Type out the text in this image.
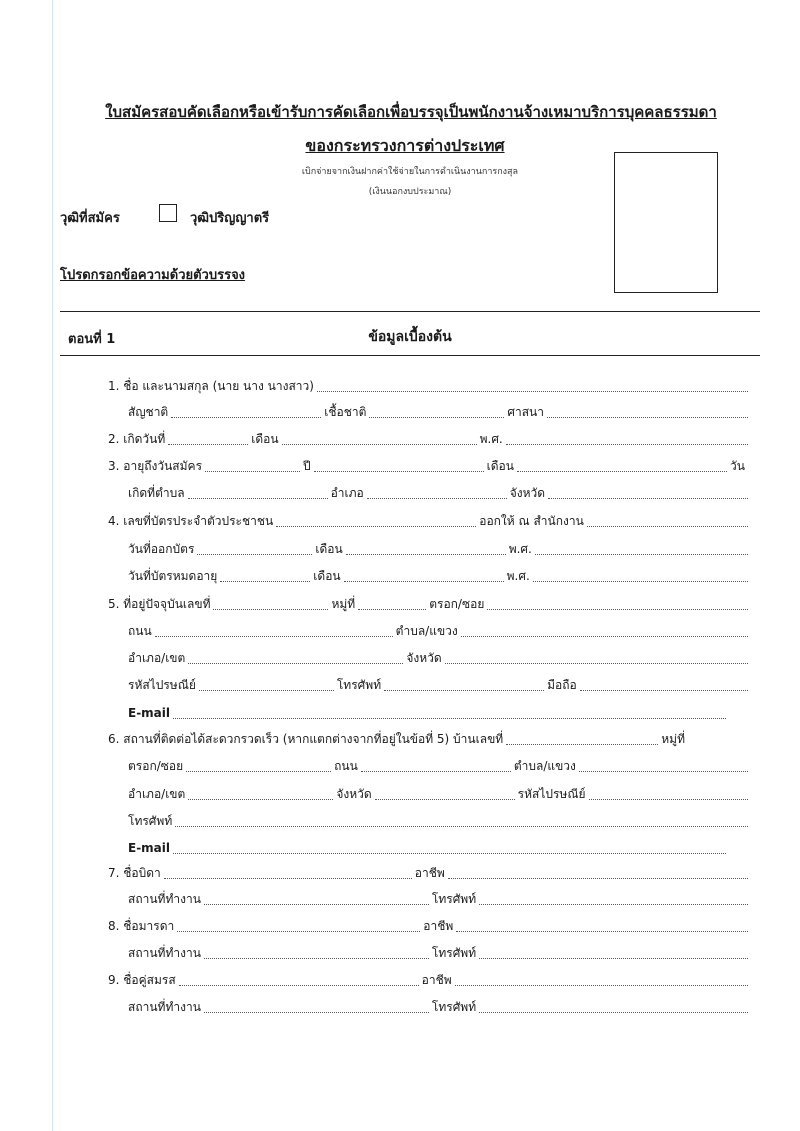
ใบสมัครสอบคัดเลือกหรือเข้ารับการคัดเลือกเพื่อบรรจุเป็นพนักงานจ้างเหมาบริการบุคคลธรรมดา
ของกระทรวงการต่างประเทศ
เบิกจ่ายจากเงินฝากค่าใช้จ่ายในการดำเนินงานการกงสุล
(เงินนอกงบประมาณ)
วุฒิที่สมัคร	วุฒิปริญญาตรี
โปรดกรอกข้อความด้วยตัวบรรจง
ตอนที่ 1	ข้อมูลเบื้องต้น
1. ชื่อ และนามสกุล (นาย นาง นางสาว)
สัญชาติ	เชื้อชาติ	ศาสนา
2. เกิดวันที่	เดือน	พ.ศ.
3. อายุถึงวันสมัคร	ปี	เดือน	วัน
เกิดที่ตำบล	อำเภอ	จังหวัด
4. เลขที่บัตรประจำตัวประชาชน	ออกให้ ณ สำนักงาน
วันที่ออกบัตร	เดือน	พ.ศ.
วันที่บัตรหมดอายุ	เดือน	พ.ศ.
5. ที่อยู่ปัจจุบันเลขที่	หมู่ที่	ตรอก/ซอย
ถนน	ตำบล/แขวง
อำเภอ/เขต	จังหวัด
รหัสไปรษณีย์	โทรศัพท์	มือถือ
E-mail
6. สถานที่ติดต่อได้สะดวกรวดเร็ว (หากแตกต่างจากที่อยู่ในข้อที่ 5) บ้านเลขที่	หมู่ที่
ตรอก/ซอย	ถนน	ตำบล/แขวง
อำเภอ/เขต	จังหวัด	รหัสไปรษณีย์
โทรศัพท์
E-mail
7. ชื่อบิดา	อาชีพ
สถานที่ทำงาน	โทรศัพท์
8. ชื่อมารดา	อาชีพ
สถานที่ทำงาน	โทรศัพท์
9. ชื่อคู่สมรส	อาชีพ
สถานที่ทำงาน	โทรศัพท์
